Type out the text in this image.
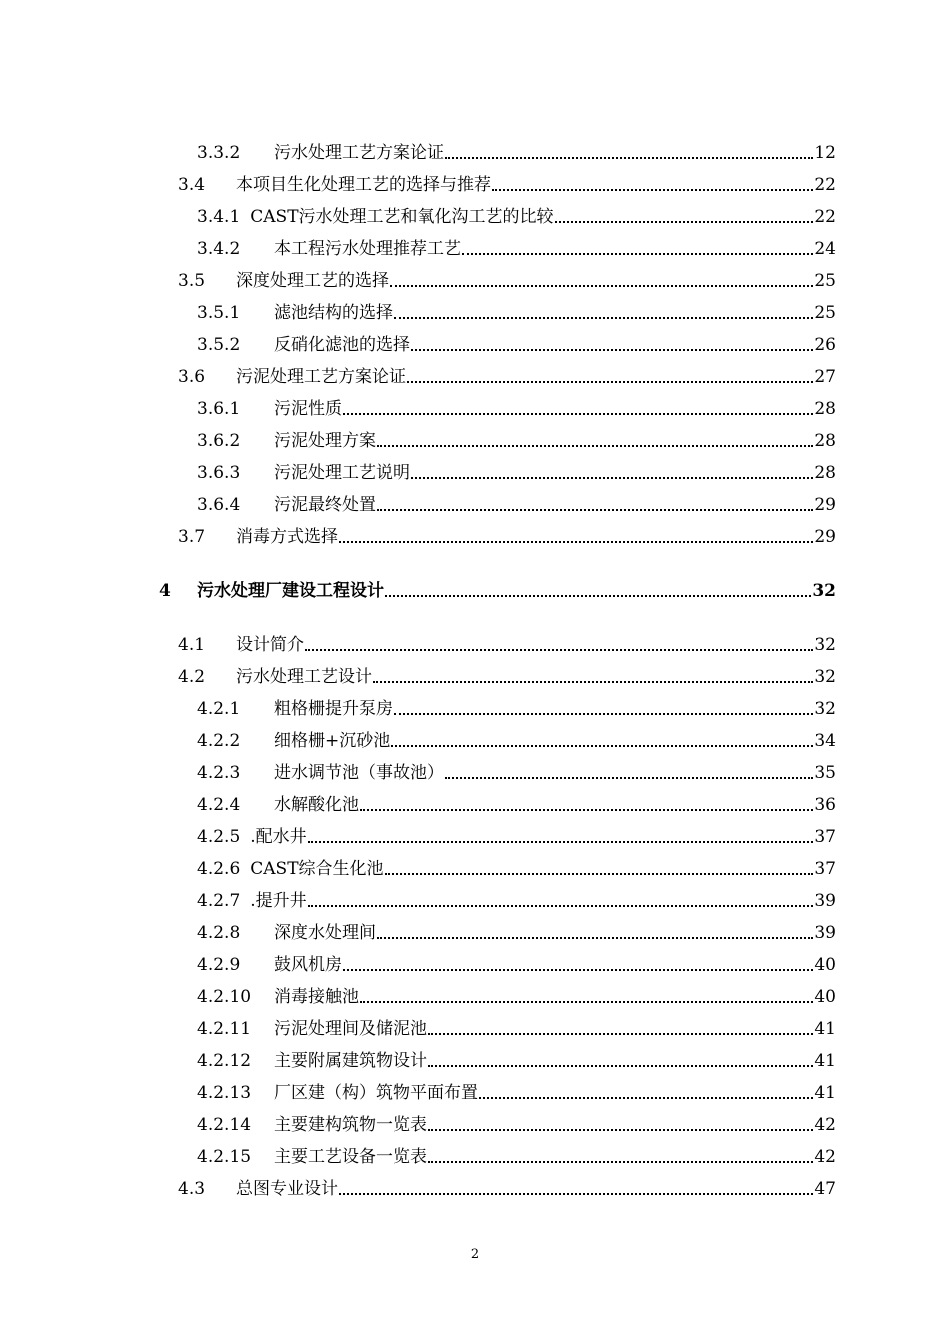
3.3.2	污水处理工艺方案论证	12
3.4	本项目生化处理工艺的选择与推荐	22
3.4.1 CAST污水处理工艺和氧化沟工艺的比较	22
3.4.2	本工程污水处理推荐工艺	24
3.5	深度处理工艺的选择	25
3.5.1	滤池结构的选择	25
3.5.2	反硝化滤池的选择	26
3.6	污泥处理工艺方案论证	27
3.6.1	污泥性质	28
3.6.2	污泥处理方案	28
3.6.3	污泥处理工艺说明	28
3.6.4	污泥最终处置	29
3.7	消毒方式选择	29
4	污水处理厂建设工程设计	32
4.1	设计简介	32
4.2	污水处理工艺设计	32
4.2.1	粗格栅提升泵房	32
4.2.2	细格栅+沉砂池	34
4.2.3	进水调节池（事故池）	35
4.2.4	水解酸化池	36
4.2.5 .配水井	37
4.2.6 CAST综合生化池	37
4.2.7 .提升井	39
4.2.8	深度水处理间	39
4.2.9	鼓风机房	40
4.2.10	消毒接触池	40
4.2.11	污泥处理间及储泥池	41
4.2.12	主要附属建筑物设计	41
4.2.13	厂区建（构）筑物平面布置	41
4.2.14	主要建构筑物一览表	42
4.2.15	主要工艺设备一览表	42
4.3	总图专业设计	47
2
